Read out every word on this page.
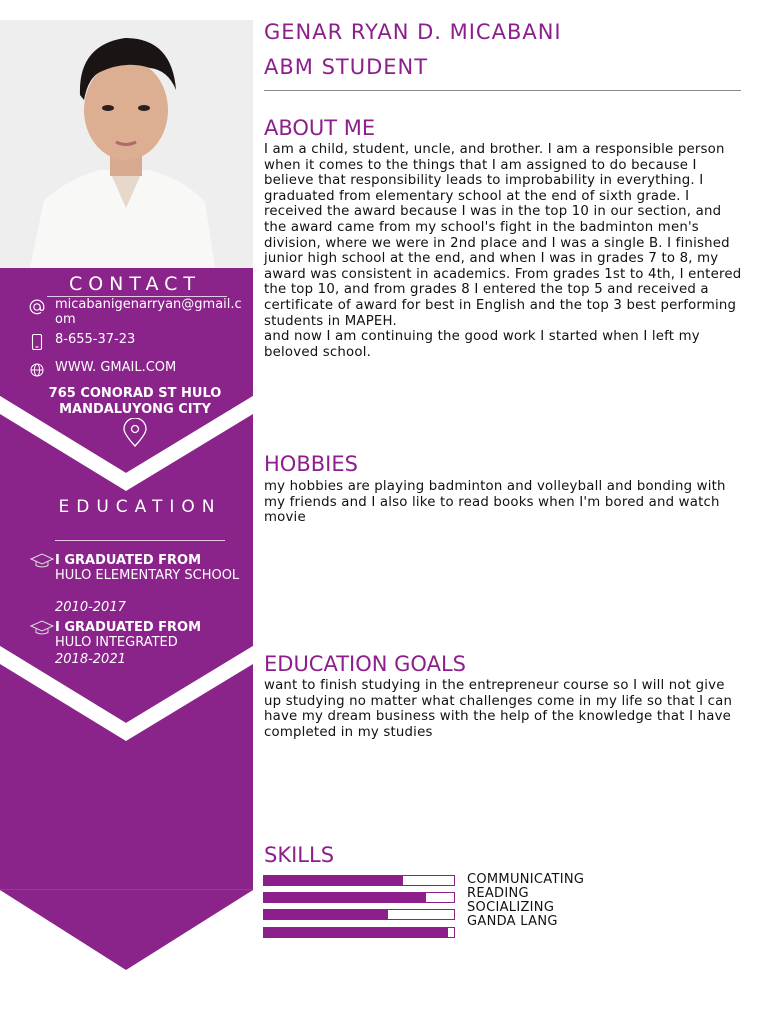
CONTACT
micabanigenarryan@gmail.com
8-655-37-23
WWW. GMAIL.COM
765 CONORAD ST HULO
MANDALUYONG CITY
EDUCATION
I GRADUATED FROM
HULO ELEMENTARY SCHOOL
2010-2017
I GRADUATED FROM
HULO INTEGRATED
2018-2021
GENAR RYAN D. MICABANI
ABM STUDENT
ABOUT ME
I am a child, student, uncle, and brother. I am a responsible person when it comes to the things that I am assigned to do because I believe that responsibility leads to improbability in everything. I graduated from elementary school at the end of sixth grade. I received the award because I was in the top 10 in our section, and the award came from my school's fight in the badminton men's division, where we were in 2nd place and I was a single B. I finished junior high school at the end, and when I was in grades 7 to 8, my award was consistent in academics. From grades 1st to 4th, I entered the top 10, and from grades 8 I entered the top 5 and received a certificate of award for best in English and the top 3 best performing students in MAPEH.
and now I am continuing the good work I started when I left my beloved school.
HOBBIES
my hobbies are playing badminton and volleyball and bonding with my friends and I also like to read books when I'm bored and watch movie
EDUCATION GOALS
want to finish studying in the entrepreneur course so I will not give up studying no matter what challenges come in my life so that I can have my dream business with the help of the knowledge that I have completed in my studies
SKILLS
COMMUNICATING
READING
SOCIALIZING
GANDA LANG
